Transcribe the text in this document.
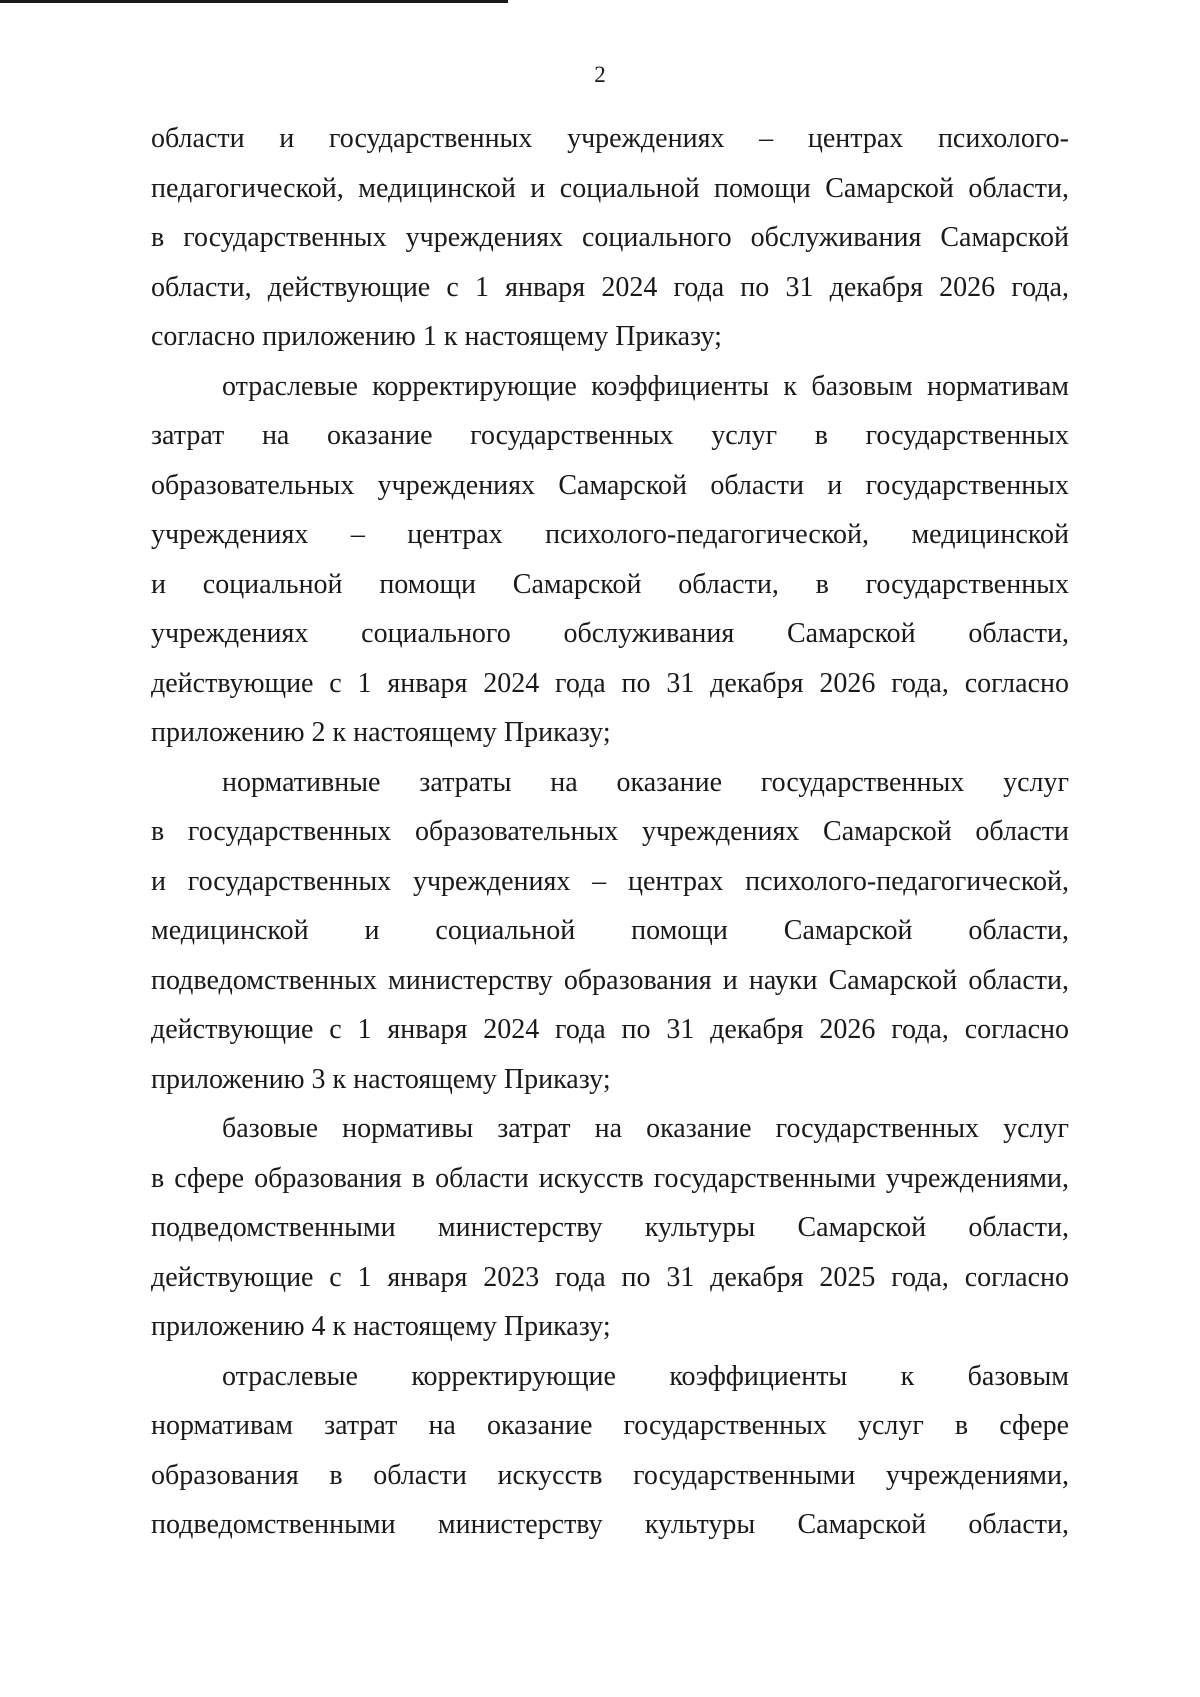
2
области и государственных учреждениях – центрах психолого-
педагогической, медицинской и социальной помощи Самарской области,
в государственных учреждениях социального обслуживания Самарской
области, действующие с 1 января 2024 года по 31 декабря 2026 года,
согласно приложению 1 к настоящему Приказу;
отраслевые корректирующие коэффициенты к базовым нормативам
затрат на оказание государственных услуг в государственных
образовательных учреждениях Самарской области и государственных
учреждениях – центрах психолого-педагогической, медицинской
и социальной помощи Самарской области, в государственных
учреждениях социального обслуживания Самарской области,
действующие с 1 января 2024 года по 31 декабря 2026 года, согласно
приложению 2 к настоящему Приказу;
нормативные затраты на оказание государственных услуг
в государственных образовательных учреждениях Самарской области
и государственных учреждениях – центрах психолого-педагогической,
медицинской и социальной помощи Самарской области,
подведомственных министерству образования и науки Самарской области,
действующие с 1 января 2024 года по 31 декабря 2026 года, согласно
приложению 3 к настоящему Приказу;
базовые нормативы затрат на оказание государственных услуг
в сфере образования в области искусств государственными учреждениями,
подведомственными министерству культуры Самарской области,
действующие с 1 января 2023 года по 31 декабря 2025 года, согласно
приложению 4 к настоящему Приказу;
отраслевые корректирующие коэффициенты к базовым
нормативам затрат на оказание государственных услуг в сфере
образования в области искусств государственными учреждениями,
подведомственными министерству культуры Самарской области,
